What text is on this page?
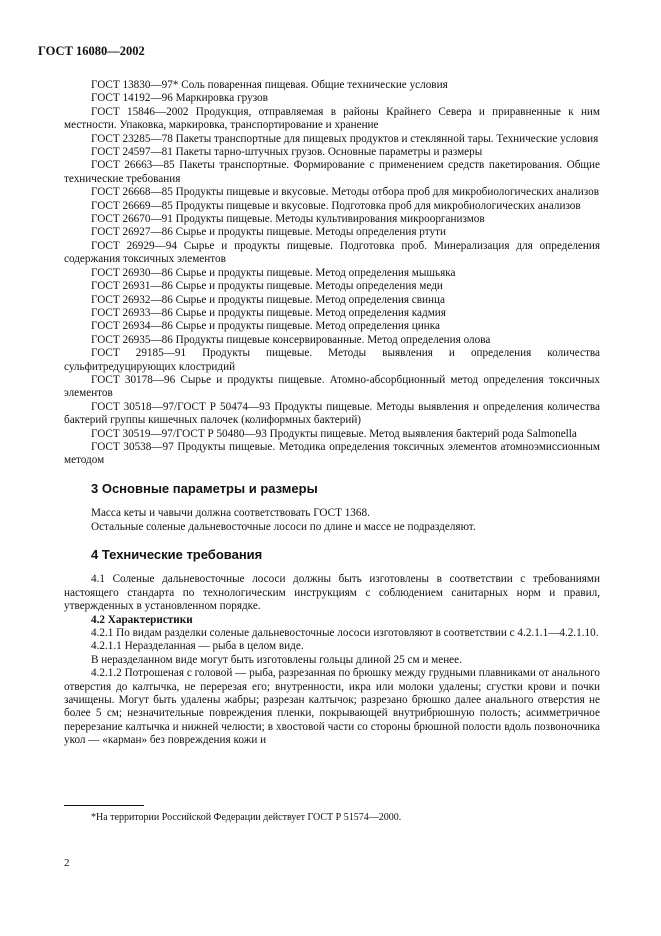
ГОСТ 16080—2002

ГОСТ 13830—97* Соль поваренная пищевая. Общие технические условия

ГОСТ 14192—96 Маркировка грузов

ГОСТ 15846—2002 Продукция, отправляемая в районы Крайнего Севера и приравненные к ним местности. Упаковка, маркировка, транспортирование и хранение

ГОСТ 23285—78 Пакеты транспортные для пищевых продуктов и стеклянной тары. Технические условия

ГОСТ 24597—81 Пакеты тарно-штучных грузов. Основные параметры и размеры

ГОСТ 26663—85 Пакеты транспортные. Формирование с применением средств пакетирования. Общие технические требования

ГОСТ 26668—85 Продукты пищевые и вкусовые. Методы отбора проб для микробиологических анализов

ГОСТ 26669—85 Продукты пищевые и вкусовые. Подготовка проб для микробиологических анализов

ГОСТ 26670—91 Продукты пищевые. Методы культивирования микроорганизмов

ГОСТ 26927—86 Сырье и продукты пищевые. Методы определения ртути

ГОСТ 26929—94 Сырье и продукты пищевые. Подготовка проб. Минерализация для определения содержания токсичных элементов

ГОСТ 26930—86 Сырье и продукты пищевые. Метод определения мышьяка

ГОСТ 26931—86 Сырье и продукты пищевые. Методы определения меди

ГОСТ 26932—86 Сырье и продукты пищевые. Метод определения свинца

ГОСТ 26933—86 Сырье и продукты пищевые. Метод определения кадмия

ГОСТ 26934—86 Сырье и продукты пищевые. Метод определения цинка

ГОСТ 26935—86 Продукты пищевые консервированные. Метод определения олова

ГОСТ 29185—91 Продукты пищевые. Методы выявления и определения количества сульфитредуцирующих клостридий

ГОСТ 30178—96 Сырье и продукты пищевые. Атомно-абсорбционный метод определения токсичных элементов

ГОСТ 30518—97/ГОСТ Р 50474—93 Продукты пищевые. Методы выявления и определения количества бактерий группы кишечных палочек (колиформных бактерий)

ГОСТ 30519—97/ГОСТ Р 50480—93 Продукты пищевые. Метод выявления бактерий рода Salmonella

ГОСТ 30538—97 Продукты пищевые. Методика определения токсичных элементов атомноэмиссионным методом

3 Основные параметры и размеры

Масса кеты и чавычи должна соответствовать ГОСТ 1368.

Остальные соленые дальневосточные лососи по длине и массе не подразделяют.

4 Технические требования

4.1 Соленые дальневосточные лососи должны быть изготовлены в соответствии с требованиями настоящего стандарта по технологическим инструкциям с соблюдением санитарных норм и правил, утвержденных в установленном порядке.

4.2 Характеристики

4.2.1 По видам разделки соленые дальневосточные лососи изготовляют в соответствии с 4.2.1.1—4.2.1.10.

4.2.1.1 Неразделанная — рыба в целом виде.

В неразделанном виде могут быть изготовлены гольцы длиной 25 см и менее.

4.2.1.2 Потрошеная с головой — рыба, разрезанная по брюшку между грудными плавниками от анального отверстия до калтычка, не перерезая его; внутренности, икра или молоки удалены; сгустки крови и почки зачищены. Могут быть удалены жабры; разрезан калтычок; разрезано брюшко далее анального отверстия не более 5 см; незначительные повреждения пленки, покрывающей внутрибрюшную полость; асимметричное перерезание калтычка и нижней челюсти; в хвостовой части со стороны брюшной полости вдоль позвоночника укол — «карман» без повреждения кожи и

*На территории Российской Федерации действует ГОСТ Р 51574—2000.
2
